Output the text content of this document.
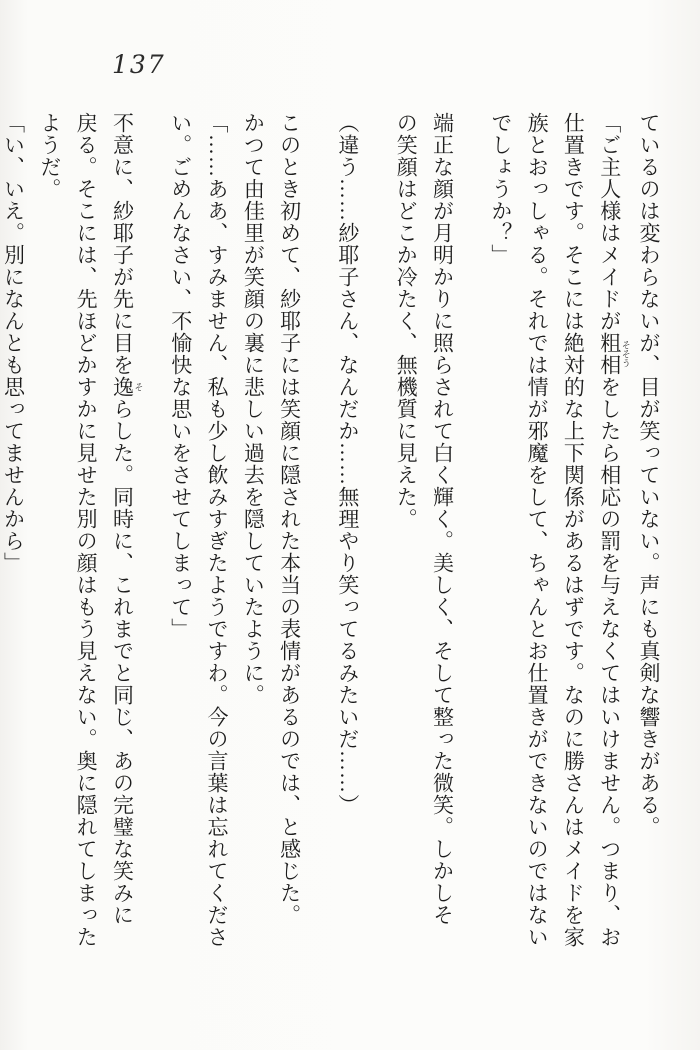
137
ているのは変わらないが、目が笑っていない。声にも真剣な響きがある。
「ご主人様はメイドが粗相 そそうをしたら相応の罰を与えなくてはいけません。つまり、お
仕置きです。そこには絶対的な上下関係があるはずです。なのに勝さんはメイドを家
族とおっしゃる。それでは情が邪魔をして、ちゃんとお仕置きができないのではない
でしょうか？」
端正な顔が月明かりに照らされて白く輝く。美しく、そして整った微笑。しかしそ
の笑顔はどこか冷たく、無機質に見えた。
（違う……紗耶子さん、なんだか……無理やり笑ってるみたいだ……）
このとき初めて、紗耶子には笑顔に隠された本当の表情があるのでは、と感じた。
かつて由佳里が笑顔の裏に悲しい過去を隠していたように。
「……ああ、すみません、私も少し飲みすぎたようですわ。今の言葉は忘れてくださ
い。ごめんなさい、不愉快な思いをさせてしまって」
不意に、紗耶子が先に目を逸 そらした。同時に、これまでと同じ、あの完璧な笑みに
戻る。そこには、先ほどかすかに見せた別の顔はもう見えない。奥に隠れてしまった
ようだ。
「い、いえ。別になんとも思ってませんから」
